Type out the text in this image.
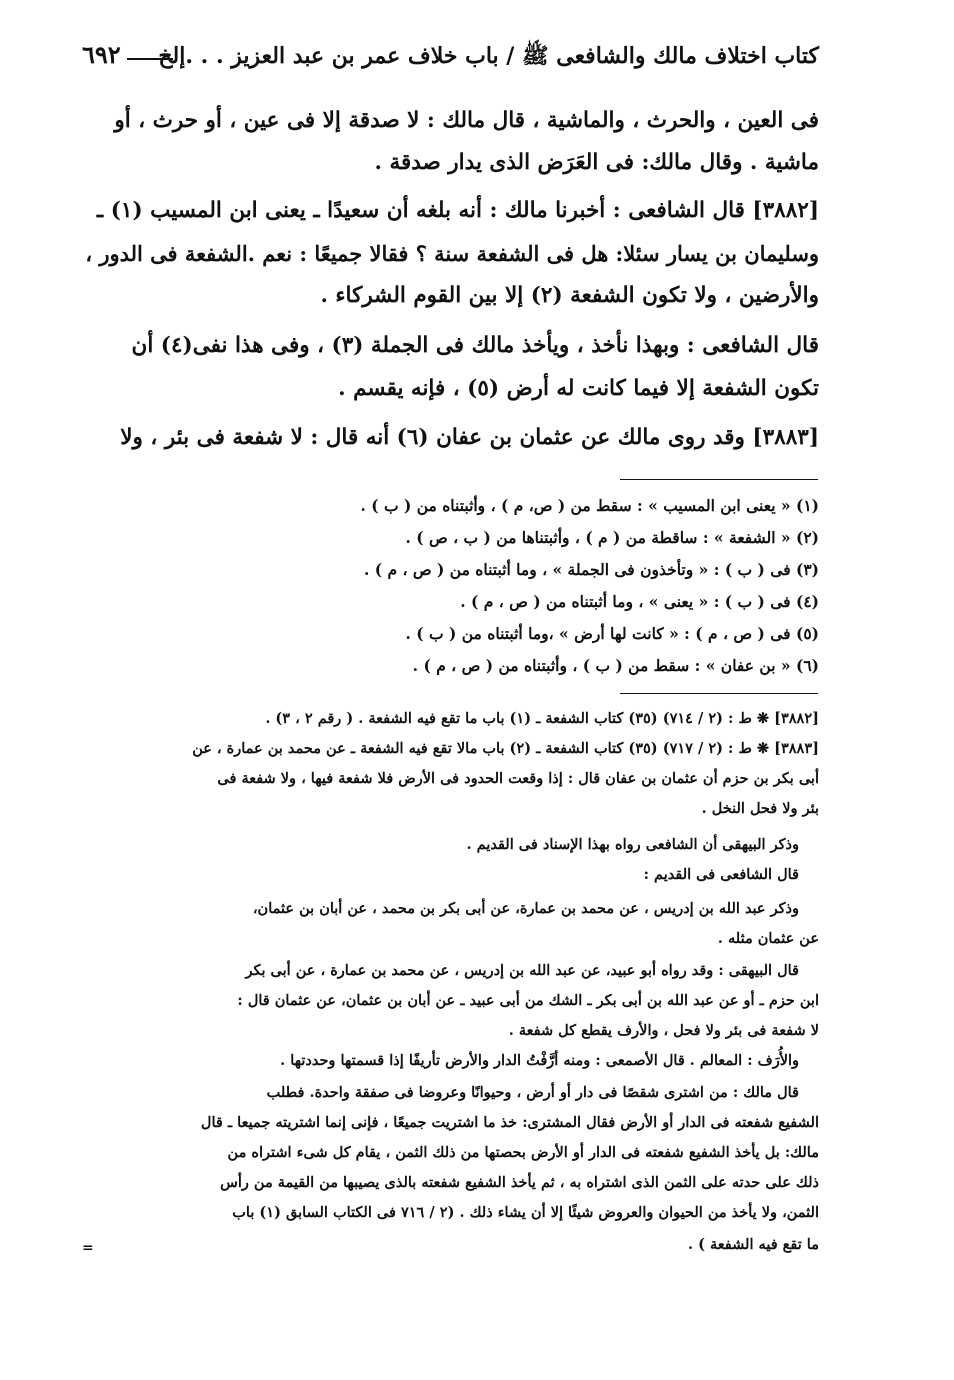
٦٩٢ كتاب اختلاف مالك والشافعى ﷺ / باب خلاف عمر بن عبد العزيز . . .إلخ
فى العين ، والحرث ، والماشية ، قال مالك : لا صدقة إلا فى عين ، أو حرث ، أو
ماشية . وقال مالك: فى العَرَض الذى يدار صدقة .
[٣٨٨٢] قال الشافعى : أخبرنا مالك : أنه بلغه أن سعيدًا ـ يعنى ابن المسيب (١) ـ
وسليمان بن يسار سئلا: هل فى الشفعة سنة ؟ فقالا جميعًا : نعم .الشفعة فى الدور ،
والأرضين ، ولا تكون الشفعة (٢) إلا بين القوم الشركاء .
قال الشافعى : وبهذا نأخذ ، ويأخذ مالك فى الجملة (٣) ، وفى هذا نفى(٤) أن
تكون الشفعة إلا فيما كانت له أرض (٥) ، فإنه يقسم .
[٣٨٨٣] وقد روى مالك عن عثمان بن عفان (٦) أنه قال : لا شفعة فى بئر ، ولا
(١) « يعنى ابن المسيب » : سقط من ( ص، م ) ، وأثبتناه من ( ب ) .
(٢) « الشفعة » : ساقطة من ( م ) ، وأثبتناها من ( ب ، ص ) .
(٣) فى ( ب ) : « وتأخذون فى الجملة » ، وما أثبتناه من ( ص ، م ) .
(٤) فى ( ب ) : « يعنى » ، وما أثبتناه من ( ص ، م ) .
(٥) فى ( ص ، م ) : « كانت لها أرض » ،وما أثبتناه من ( ب ) .
(٦) « بن عفان » : سقط من ( ب ) ، وأثبتناه من ( ص ، م ) .
[٣٨٨٢] ❋ ط : (٢ / ٧١٤) (٣٥) كتاب الشفعة ـ (١) باب ما تقع فيه الشفعة . ( رقم ٢ ، ٣) .
[٣٨٨٣] ❋ ط : (٢ / ٧١٧) (٣٥) كتاب الشفعة ـ (٢) باب مالا تقع فيه الشفعة ـ عن محمد بن عمارة ، عن
أبى بكر بن حزم أن عثمان بن عفان قال : إذا وقعت الحدود فى الأرض فلا شفعة فيها ، ولا شفعة فى
بئر ولا فحل النخل .
وذكر البيهقى أن الشافعى رواه بهذا الإسناد فى القديم .
قال الشافعى فى القديم :
وذكر عبد الله بن إدريس ، عن محمد بن عمارة، عن أبى بكر بن محمد ، عن أبان بن عثمان،
عن عثمان مثله .
قال البيهقى : وقد رواه أبو عبيد، عن عبد الله بن إدريس ، عن محمد بن عمارة ، عن أبى بكر
ابن حزم ـ أو عن عبد الله بن أبى بكر ـ الشك من أبى عبيد ـ عن أبان بن عثمان، عن عثمان قال :
لا شفعة فى بئر ولا فحل ، والأرف يقطع كل شفعة .
والأُرَف : المعالم . قال الأصمعى : ومنه أرَّفْتُ الدار والأرض تأريفًا إذا قسمتها وحددتها .
قال مالك : من اشترى شقصًا فى دار أو أرض ، وحيوانًا وعروضا فى صفقة واحدة. فطلب
الشفيع شفعته فى الدار أو الأرض فقال المشترى: خذ ما اشتريت جميعًا ، فإنى إنما اشتريته جميعا ـ قال
مالك: بل يأخذ الشفيع شفعته فى الدار أو الأرض بحصتها من ذلك الثمن ، يقام كل شىء اشتراه من
ذلك على حدته على الثمن الذى اشتراه به ، ثم يأخذ الشفيع شفعته بالذى يصيبها من القيمة من رأس
الثمن، ولا يأخذ من الحيوان والعروض شيئًا إلا أن يشاء ذلك . (٢ / ٧١٦ فى الكتاب السابق (١) باب
ما تقع فيه الشفعة ) .
=
